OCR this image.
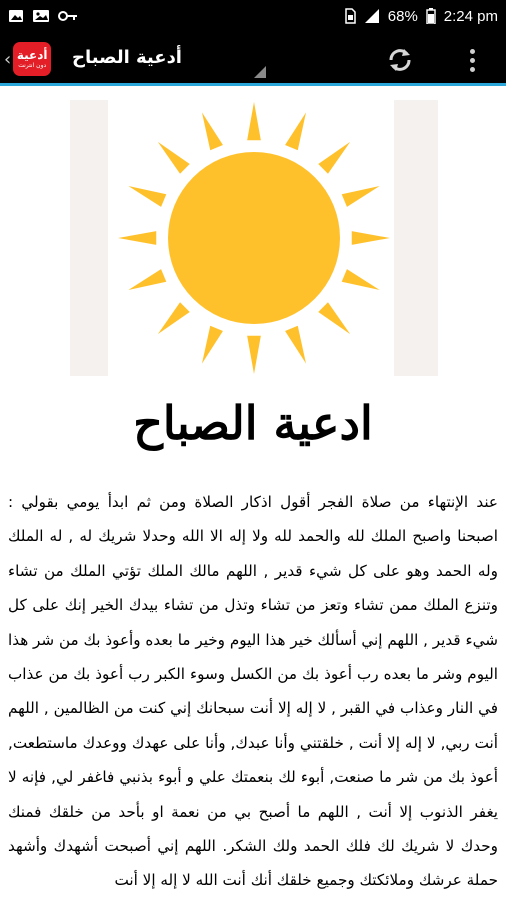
68% 2:24 pm
‹ أدعية
دون انترنت أدعية الصباح
ادعية الصباح
عند الإنتهاء من صلاة الفجر أقول اذكار الصلاة ومن ثم ابدأ يومي بقولي : اصبحنا واصبح الملك لله والحمد لله ولا إله الا الله وحدلا شريك له , له الملك وله الحمد وهو على كل شيء قدير , اللهم مالك الملك تؤتي الملك من تشاء وتنزع الملك ممن تشاء وتعز من تشاء وتذل من تشاء بيدك الخير إنك على كل شيء قدير , اللهم إني أسألك خير هذا اليوم وخير ما بعده وأعوذ بك من شر هذا اليوم وشر ما بعده رب أعوذ بك من الكسل وسوء الكبر رب أعوذ بك من عذاب في النار وعذاب في القبر , لا إله إلا أنت سبحانك إني كنت من الظالمين , اللهم أنت ربي, لا إله إلا أنت , خلقتني وأنا عبدك, وأنا على عهدك ووعدك ماستطعت, أعوذ بك من شر ما صنعت, أبوء لك بنعمتك علي و أبوء بذنبي فاغفر لي, فإنه لا يغفر الذنوب إلا أنت , اللهم ما أصبح بي من نعمة او بأحد من خلقك فمنك وحدك لا شريك لك فلك الحمد ولك الشكر. اللهم إني أصبحت أشهدك وأشهد حملة عرشك وملائكتك وجميع خلقك أنك أنت الله لا إله إلا أنت
